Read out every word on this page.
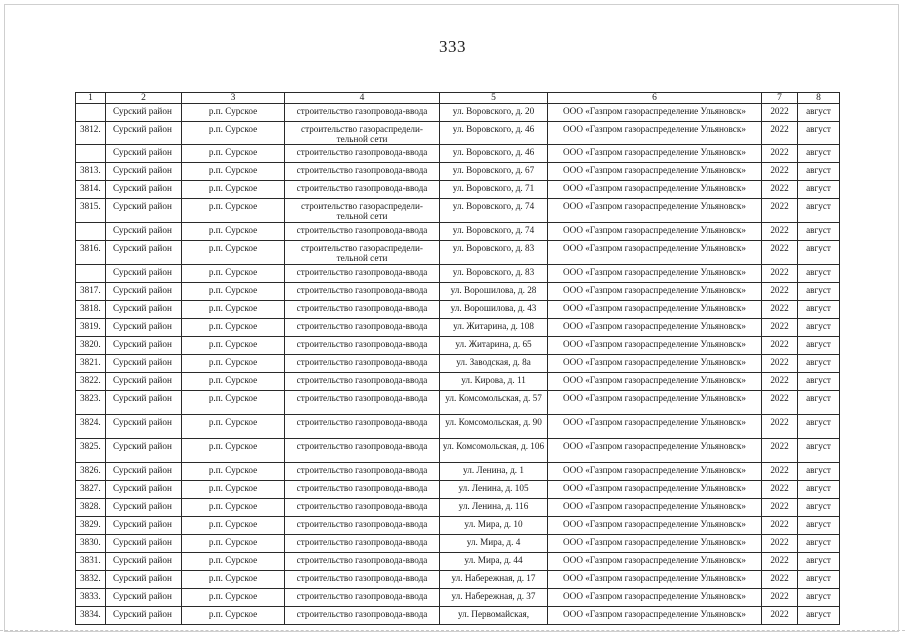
333
1	2	3	4	5	6	7	8
	Сурский район	р.п. Сурское	строительство газопровода-ввода	ул. Воровского, д. 20	ООО «Газпром газораспределение Ульяновск»	2022	август
3812.	Сурский район	р.п. Сурское	строительство газораспредели-тельной сети	ул. Воровского, д. 46	ООО «Газпром газораспределение Ульяновск»	2022	август
	Сурский район	р.п. Сурское	строительство газопровода-ввода	ул. Воровского, д. 46	ООО «Газпром газораспределение Ульяновск»	2022	август
3813.	Сурский район	р.п. Сурское	строительство газопровода-ввода	ул. Воровского, д. 67	ООО «Газпром газораспределение Ульяновск»	2022	август
3814.	Сурский район	р.п. Сурское	строительство газопровода-ввода	ул. Воровского, д. 71	ООО «Газпром газораспределение Ульяновск»	2022	август
3815.	Сурский район	р.п. Сурское	строительство газораспредели-тельной сети	ул. Воровского, д. 74	ООО «Газпром газораспределение Ульяновск»	2022	август
	Сурский район	р.п. Сурское	строительство газопровода-ввода	ул. Воровского, д. 74	ООО «Газпром газораспределение Ульяновск»	2022	август
3816.	Сурский район	р.п. Сурское	строительство газораспредели-тельной сети	ул. Воровского, д. 83	ООО «Газпром газораспределение Ульяновск»	2022	август
	Сурский район	р.п. Сурское	строительство газопровода-ввода	ул. Воровского, д. 83	ООО «Газпром газораспределение Ульяновск»	2022	август
3817.	Сурский район	р.п. Сурское	строительство газопровода-ввода	ул. Ворошилова, д. 28	ООО «Газпром газораспределение Ульяновск»	2022	август
3818.	Сурский район	р.п. Сурское	строительство газопровода-ввода	ул. Ворошилова, д. 43	ООО «Газпром газораспределение Ульяновск»	2022	август
3819.	Сурский район	р.п. Сурское	строительство газопровода-ввода	ул. Житарина, д. 108	ООО «Газпром газораспределение Ульяновск»	2022	август
3820.	Сурский район	р.п. Сурское	строительство газопровода-ввода	ул. Житарина, д. 65	ООО «Газпром газораспределение Ульяновск»	2022	август
3821.	Сурский район	р.п. Сурское	строительство газопровода-ввода	ул. Заводская, д. 8а	ООО «Газпром газораспределение Ульяновск»	2022	август
3822.	Сурский район	р.п. Сурское	строительство газопровода-ввода	ул. Кирова, д. 11	ООО «Газпром газораспределение Ульяновск»	2022	август
3823.	Сурский район	р.п. Сурское	строительство газопровода-ввода	ул. Комсомольская, д. 57	ООО «Газпром газораспределение Ульяновск»	2022	август
3824.	Сурский район	р.п. Сурское	строительство газопровода-ввода	ул. Комсомольская, д. 90	ООО «Газпром газораспределение Ульяновск»	2022	август
3825.	Сурский район	р.п. Сурское	строительство газопровода-ввода	ул. Комсомольская, д. 106	ООО «Газпром газораспределение Ульяновск»	2022	август
3826.	Сурский район	р.п. Сурское	строительство газопровода-ввода	ул. Ленина, д. 1	ООО «Газпром газораспределение Ульяновск»	2022	август
3827.	Сурский район	р.п. Сурское	строительство газопровода-ввода	ул. Ленина, д. 105	ООО «Газпром газораспределение Ульяновск»	2022	август
3828.	Сурский район	р.п. Сурское	строительство газопровода-ввода	ул. Ленина, д. 116	ООО «Газпром газораспределение Ульяновск»	2022	август
3829.	Сурский район	р.п. Сурское	строительство газопровода-ввода	ул. Мира, д. 10	ООО «Газпром газораспределение Ульяновск»	2022	август
3830.	Сурский район	р.п. Сурское	строительство газопровода-ввода	ул. Мира, д. 4	ООО «Газпром газораспределение Ульяновск»	2022	август
3831.	Сурский район	р.п. Сурское	строительство газопровода-ввода	ул. Мира, д. 44	ООО «Газпром газораспределение Ульяновск»	2022	август
3832.	Сурский район	р.п. Сурское	строительство газопровода-ввода	ул. Набережная, д. 17	ООО «Газпром газораспределение Ульяновск»	2022	август
3833.	Сурский район	р.п. Сурское	строительство газопровода-ввода	ул. Набережная, д. 37	ООО «Газпром газораспределение Ульяновск»	2022	август
3834.	Сурский район	р.п. Сурское	строительство газопровода-ввода	ул. Первомайская,	ООО «Газпром газораспределение Ульяновск»	2022	август
